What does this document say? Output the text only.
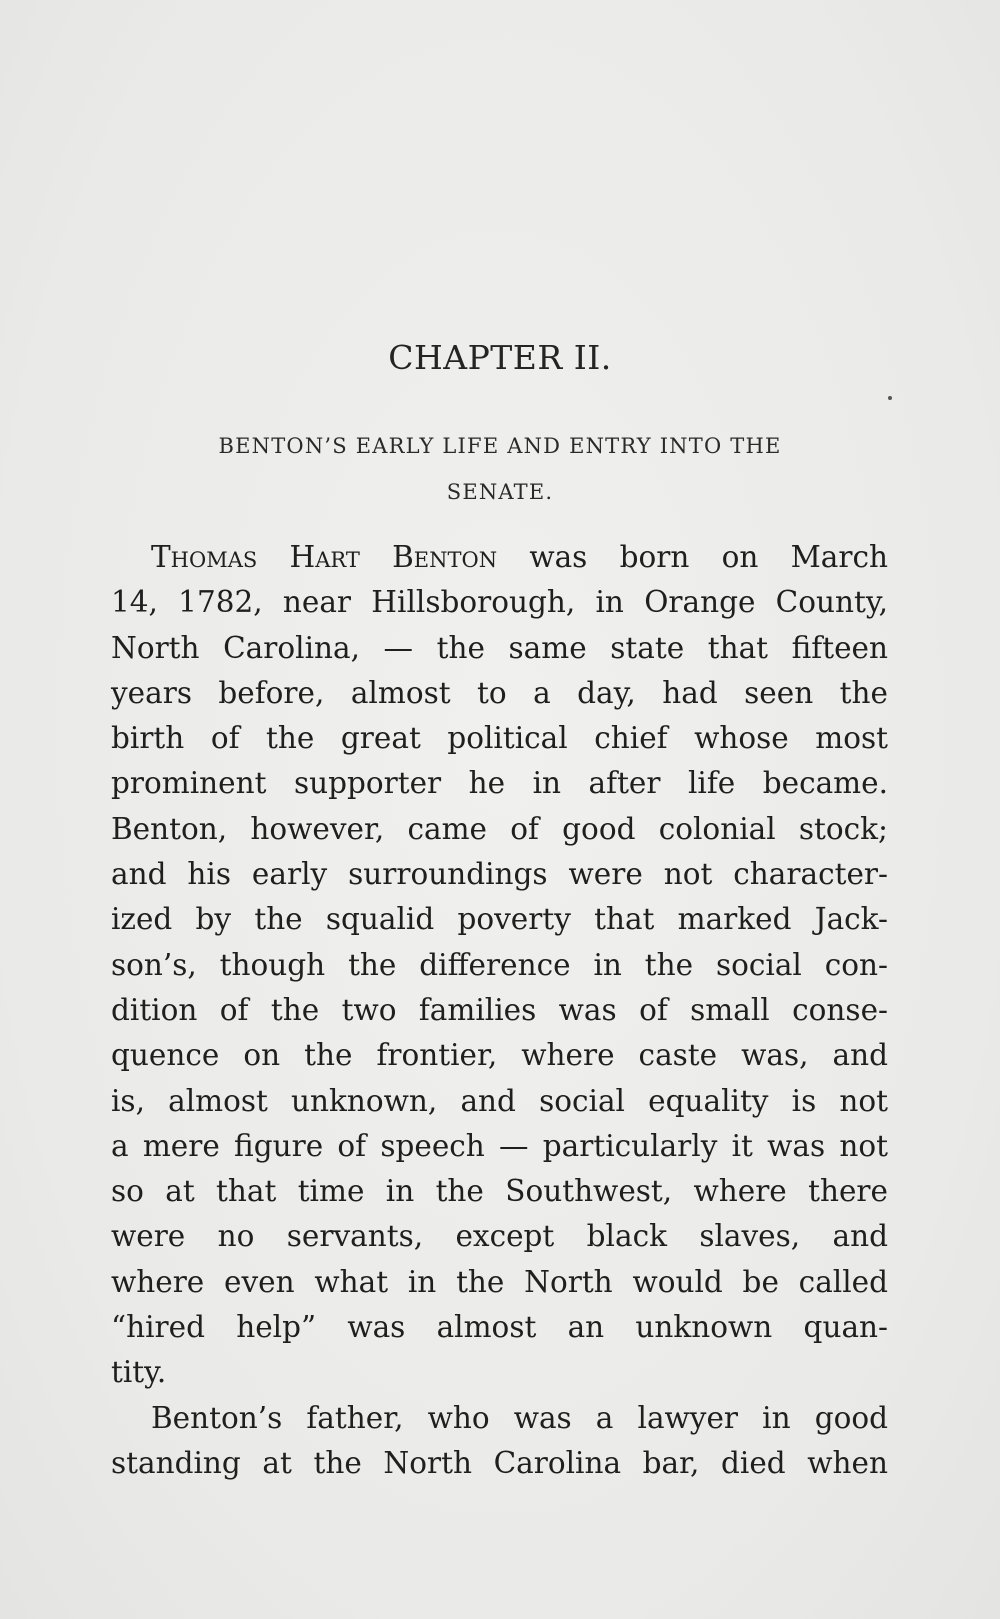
CHAPTER II.
BENTON’S EARLY LIFE AND ENTRY INTO THE
SENATE.
Thomas Hart Benton was born on March
14, 1782, near Hillsborough, in Orange County,
North Carolina, — the same state that fifteen
years before, almost to a day, had seen the
birth of the great political chief whose most
prominent supporter he in after life became.
Benton, however, came of good colonial stock;
and his early surroundings were not character-
ized by the squalid poverty that marked Jack-
son’s, though the difference in the social con-
dition of the two families was of small conse-
quence on the frontier, where caste was, and
is, almost unknown, and social equality is not
a mere figure of speech — particularly it was not
so at that time in the Southwest, where there
were no servants, except black slaves, and
where even what in the North would be called
“hired help” was almost an unknown quan-
tity.
Benton’s father, who was a lawyer in good
standing at the North Carolina bar, died when
